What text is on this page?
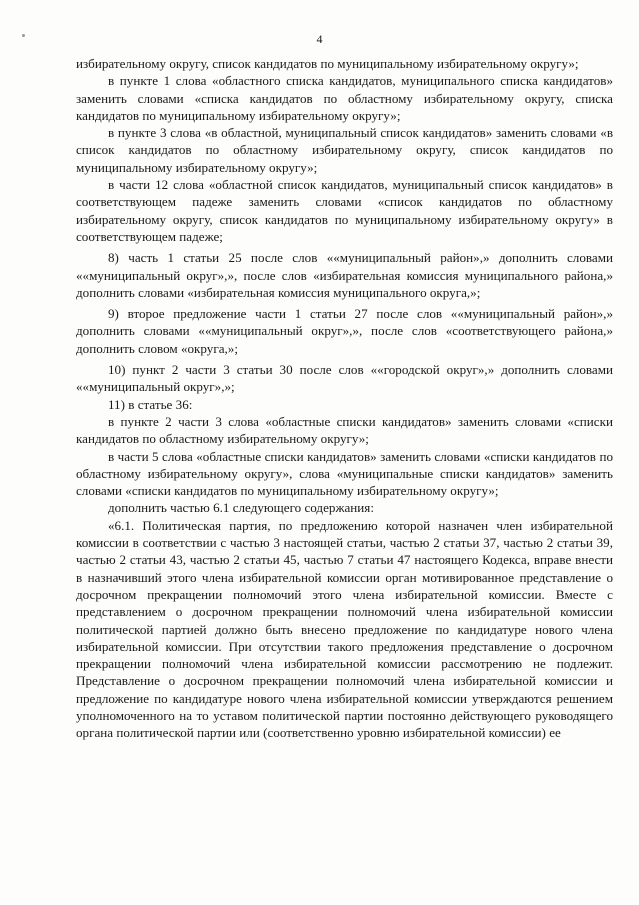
4

избирательному округу, список кандидатов по муниципальному избирательному округу»;

в пункте 1 слова «областного списка кандидатов, муниципального списка кандидатов» заменить словами «списка кандидатов по областному избирательному округу, списка кандидатов по муниципальному избирательному округу»;

в пункте 3 слова «в областной, муниципальный список кандидатов» заменить словами «в список кандидатов по областному избирательному округу, список кандидатов по муниципальному избирательному округу»;

в части 12 слова «областной список кандидатов, муниципальный список кандидатов» в соответствующем падеже заменить словами «список кандидатов по областному избирательному округу, список кандидатов по муниципальному избирательному округу» в соответствующем падеже;

8) часть 1 статьи 25 после слов ««муниципальный район»,» дополнить словами ««муниципальный округ»,», после слов «избирательная комиссия муниципального района,» дополнить словами «избирательная комиссия муниципального округа,»;

9) второе предложение части 1 статьи 27 после слов ««муниципальный район»,» дополнить словами ««муниципальный округ»,», после слов «соответствующего района,» дополнить словом «округа,»;

10) пункт 2 части 3 статьи 30 после слов ««городской округ»,» дополнить словами ««муниципальный округ»,»;

11) в статье 36:

в пункте 2 части 3 слова «областные списки кандидатов» заменить словами «списки кандидатов по областному избирательному округу»;

в части 5 слова «областные списки кандидатов» заменить словами «списки кандидатов по областному избирательному округу», слова «муниципальные списки кандидатов» заменить словами «списки кандидатов по муниципальному избирательному округу»;

дополнить частью 6.1 следующего содержания:

«6.1. Политическая партия, по предложению которой назначен член избирательной комиссии в соответствии с частью 3 настоящей статьи, частью 2 статьи 37, частью 2 статьи 39, частью 2 статьи 43, частью 2 статьи 45, частью 7 статьи 47 настоящего Кодекса, вправе внести в назначивший этого члена избирательной комиссии орган мотивированное представление о досрочном прекращении полномочий этого члена избирательной комиссии. Вместе с представлением о досрочном прекращении полномочий члена избирательной комиссии политической партией должно быть внесено предложение по кандидатуре нового члена избирательной комиссии. При отсутствии такого предложения представление о досрочном прекращении полномочий члена избирательной комиссии рассмотрению не подлежит. Представление о досрочном прекращении полномочий члена избирательной комиссии и предложение по кандидатуре нового члена избирательной комиссии утверждаются решением уполномоченного на то уставом политической партии постоянно действующего руководящего органа политической партии или (соответственно уровню избирательной комиссии) ее
